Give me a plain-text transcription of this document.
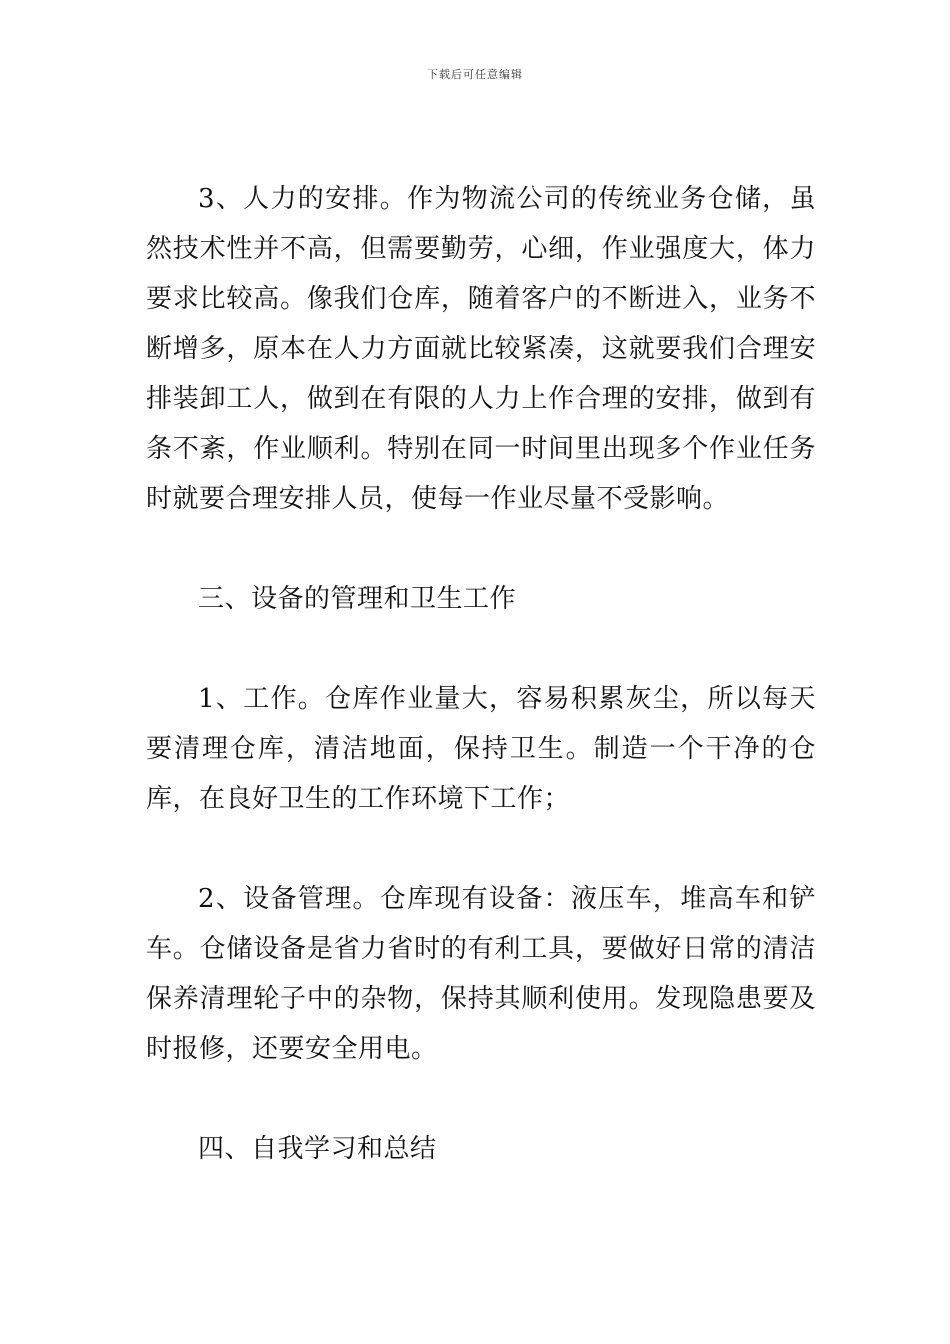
下载后可任意编辑

3、人力的安排。作为物流公司的传统业务仓储，虽然技术性并不高，但需要勤劳，心细，作业强度大，体力要求比较高。像我们仓库，随着客户的不断进入，业务不断增多，原本在人力方面就比较紧凑，这就要我们合理安排装卸工人，做到在有限的人力上作合理的安排，做到有条不紊，作业顺利。特别在同一时间里出现多个作业任务时就要合理安排人员，使每一作业尽量不受影响。

三、设备的管理和卫生工作

1、工作。仓库作业量大，容易积累灰尘，所以每天要清理仓库，清洁地面，保持卫生。制造一个干净的仓库，在良好卫生的工作环境下工作；

2、设备管理。仓库现有设备：液压车，堆高车和铲车。仓储设备是省力省时的有利工具，要做好日常的清洁保养清理轮子中的杂物，保持其顺利使用。发现隐患要及时报修，还要安全用电。

四、自我学习和总结
